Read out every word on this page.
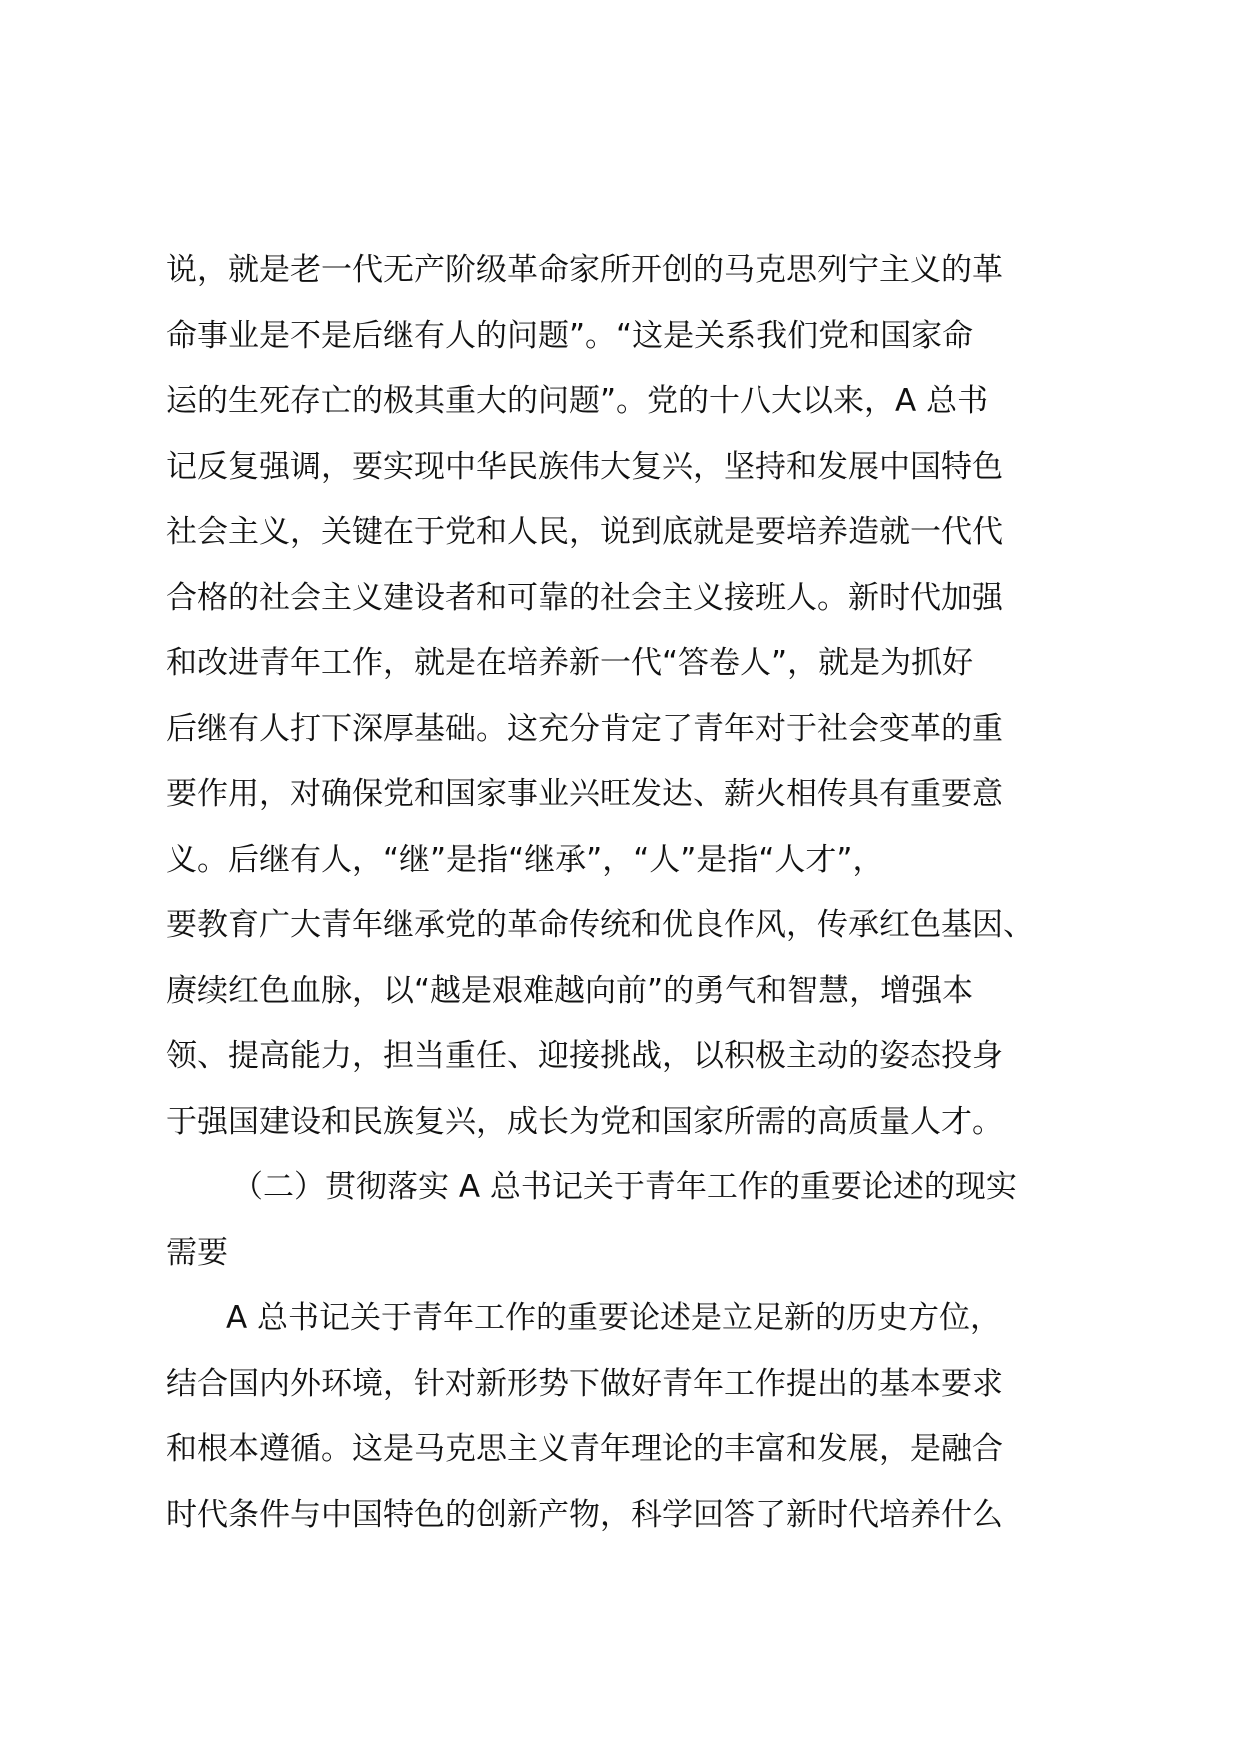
说，就是老一代无产阶级革命家所开创的马克思列宁主义的革
命事业是不是后继有人的问题”。“这是关系我们党和国家命
运的生死存亡的极其重大的问题”。党的十八大以来，A 总书
记反复强调，要实现中华民族伟大复兴，坚持和发展中国特色
社会主义，关键在于党和人民，说到底就是要培养造就一代代
合格的社会主义建设者和可靠的社会主义接班人。新时代加强
和改进青年工作，就是在培养新一代“答卷人”，就是为抓好
后继有人打下深厚基础。这充分肯定了青年对于社会变革的重
要作用，对确保党和国家事业兴旺发达、薪火相传具有重要意
义。后继有人，“继”是指“继承”，“人”是指“人才”，
要教育广大青年继承党的革命传统和优良作风，传承红色基因、
赓续红色血脉，以“越是艰难越向前”的勇气和智慧，增强本
领、提高能力，担当重任、迎接挑战，以积极主动的姿态投身
于强国建设和民族复兴，成长为党和国家所需的高质量人才。
（二）贯彻落实 A 总书记关于青年工作的重要论述的现实
需要
A 总书记关于青年工作的重要论述是立足新的历史方位，
结合国内外环境，针对新形势下做好青年工作提出的基本要求
和根本遵循。这是马克思主义青年理论的丰富和发展，是融合
时代条件与中国特色的创新产物，科学回答了新时代培养什么
